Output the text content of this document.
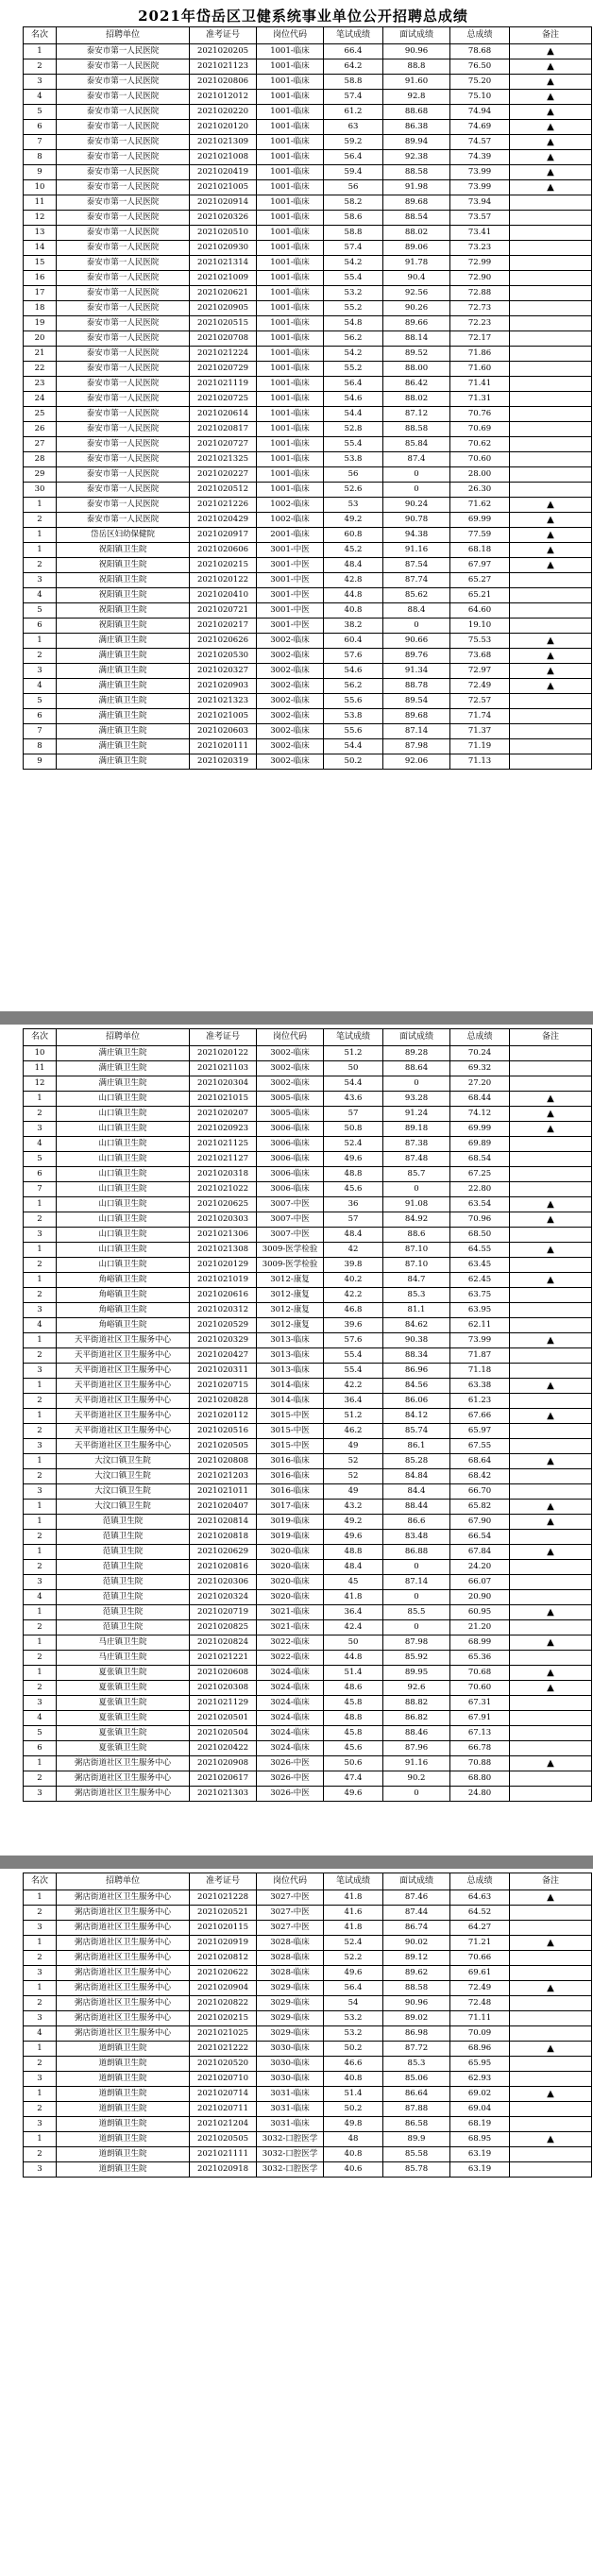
2021年岱岳区卫健系统事业单位公开招聘总成绩
名次	招聘单位	准考证号	岗位代码	笔试成绩	面试成绩	总成绩	备注
1	泰安市第一人民医院	2021020205	1001-临床	66.4	90.96	78.68	▲
2	泰安市第一人民医院	2021021123	1001-临床	64.2	88.8	76.50	▲
3	泰安市第一人民医院	2021020806	1001-临床	58.8	91.60	75.20	▲
4	泰安市第一人民医院	2021012012	1001-临床	57.4	92.8	75.10	▲
5	泰安市第一人民医院	2021020220	1001-临床	61.2	88.68	74.94	▲
6	泰安市第一人民医院	2021020120	1001-临床	63	86.38	74.69	▲
7	泰安市第一人民医院	2021021309	1001-临床	59.2	89.94	74.57	▲
8	泰安市第一人民医院	2021021008	1001-临床	56.4	92.38	74.39	▲
9	泰安市第一人民医院	2021020419	1001-临床	59.4	88.58	73.99	▲
10	泰安市第一人民医院	2021021005	1001-临床	56	91.98	73.99	▲
11	泰安市第一人民医院	2021020914	1001-临床	58.2	89.68	73.94	
12	泰安市第一人民医院	2021020326	1001-临床	58.6	88.54	73.57	
13	泰安市第一人民医院	2021020510	1001-临床	58.8	88.02	73.41	
14	泰安市第一人民医院	2021020930	1001-临床	57.4	89.06	73.23	
15	泰安市第一人民医院	2021021314	1001-临床	54.2	91.78	72.99	
16	泰安市第一人民医院	2021021009	1001-临床	55.4	90.4	72.90	
17	泰安市第一人民医院	2021020621	1001-临床	53.2	92.56	72.88	
18	泰安市第一人民医院	2021020905	1001-临床	55.2	90.26	72.73	
19	泰安市第一人民医院	2021020515	1001-临床	54.8	89.66	72.23	
20	泰安市第一人民医院	2021020708	1001-临床	56.2	88.14	72.17	
21	泰安市第一人民医院	2021021224	1001-临床	54.2	89.52	71.86	
22	泰安市第一人民医院	2021020729	1001-临床	55.2	88.00	71.60	
23	泰安市第一人民医院	2021021119	1001-临床	56.4	86.42	71.41	
24	泰安市第一人民医院	2021020725	1001-临床	54.6	88.02	71.31	
25	泰安市第一人民医院	2021020614	1001-临床	54.4	87.12	70.76	
26	泰安市第一人民医院	2021020817	1001-临床	52.8	88.58	70.69	
27	泰安市第一人民医院	2021020727	1001-临床	55.4	85.84	70.62	
28	泰安市第一人民医院	2021021325	1001-临床	53.8	87.4	70.60	
29	泰安市第一人民医院	2021020227	1001-临床	56	0	28.00	
30	泰安市第一人民医院	2021020512	1001-临床	52.6	0	26.30	
1	泰安市第一人民医院	2021021226	1002-临床	53	90.24	71.62	▲
2	泰安市第一人民医院	2021020429	1002-临床	49.2	90.78	69.99	▲
1	岱岳区妇幼保健院	2021020917	2001-临床	60.8	94.38	77.59	▲
1	祝阳镇卫生院	2021020606	3001-中医	45.2	91.16	68.18	▲
2	祝阳镇卫生院	2021020215	3001-中医	48.4	87.54	67.97	▲
3	祝阳镇卫生院	2021020122	3001-中医	42.8	87.74	65.27	
4	祝阳镇卫生院	2021020410	3001-中医	44.8	85.62	65.21	
5	祝阳镇卫生院	2021020721	3001-中医	40.8	88.4	64.60	
6	祝阳镇卫生院	2021020217	3001-中医	38.2	0	19.10	
1	满庄镇卫生院	2021020626	3002-临床	60.4	90.66	75.53	▲
2	满庄镇卫生院	2021020530	3002-临床	57.6	89.76	73.68	▲
3	满庄镇卫生院	2021020327	3002-临床	54.6	91.34	72.97	▲
4	满庄镇卫生院	2021020903	3002-临床	56.2	88.78	72.49	▲
5	满庄镇卫生院	2021021323	3002-临床	55.6	89.54	72.57	
6	满庄镇卫生院	2021021005	3002-临床	53.8	89.68	71.74	
7	满庄镇卫生院	2021020603	3002-临床	55.6	87.14	71.37	
8	满庄镇卫生院	2021020111	3002-临床	54.4	87.98	71.19	
9	满庄镇卫生院	2021020319	3002-临床	50.2	92.06	71.13	
名次	招聘单位	准考证号	岗位代码	笔试成绩	面试成绩	总成绩	备注
10	满庄镇卫生院	2021020122	3002-临床	51.2	89.28	70.24	
11	满庄镇卫生院	2021021103	3002-临床	50	88.64	69.32	
12	满庄镇卫生院	2021020304	3002-临床	54.4	0	27.20	
1	山口镇卫生院	2021021015	3005-临床	43.6	93.28	68.44	▲
2	山口镇卫生院	2021020207	3005-临床	57	91.24	74.12	▲
3	山口镇卫生院	2021020923	3006-临床	50.8	89.18	69.99	▲
4	山口镇卫生院	2021021125	3006-临床	52.4	87.38	69.89	
5	山口镇卫生院	2021021127	3006-临床	49.6	87.48	68.54	
6	山口镇卫生院	2021020318	3006-临床	48.8	85.7	67.25	
7	山口镇卫生院	2021021022	3006-临床	45.6	0	22.80	
1	山口镇卫生院	2021020625	3007-中医	36	91.08	63.54	▲
2	山口镇卫生院	2021020303	3007-中医	57	84.92	70.96	▲
3	山口镇卫生院	2021021306	3007-中医	48.4	88.6	68.50	
1	山口镇卫生院	2021021308	3009-医学检验	42	87.10	64.55	▲
2	山口镇卫生院	2021020129	3009-医学检验	39.8	87.10	63.45	
1	角峪镇卫生院	2021021019	3012-康复	40.2	84.7	62.45	▲
2	角峪镇卫生院	2021020616	3012-康复	42.2	85.3	63.75	
3	角峪镇卫生院	2021020312	3012-康复	46.8	81.1	63.95	
4	角峪镇卫生院	2021020529	3012-康复	39.6	84.62	62.11	
1	天平街道社区卫生服务中心	2021020329	3013-临床	57.6	90.38	73.99	▲
2	天平街道社区卫生服务中心	2021020427	3013-临床	55.4	88.34	71.87	
3	天平街道社区卫生服务中心	2021020311	3013-临床	55.4	86.96	71.18	
1	天平街道社区卫生服务中心	2021020715	3014-临床	42.2	84.56	63.38	▲
2	天平街道社区卫生服务中心	2021020828	3014-临床	36.4	86.06	61.23	
1	天平街道社区卫生服务中心	2021020112	3015-中医	51.2	84.12	67.66	▲
2	天平街道社区卫生服务中心	2021020516	3015-中医	46.2	85.74	65.97	
3	天平街道社区卫生服务中心	2021020505	3015-中医	49	86.1	67.55	
1	大汶口镇卫生院	2021020808	3016-临床	52	85.28	68.64	▲
2	大汶口镇卫生院	2021021203	3016-临床	52	84.84	68.42	
3	大汶口镇卫生院	2021021011	3016-临床	49	84.4	66.70	
1	大汶口镇卫生院	2021020407	3017-临床	43.2	88.44	65.82	▲
1	范镇卫生院	2021020814	3019-临床	49.2	86.6	67.90	▲
2	范镇卫生院	2021020818	3019-临床	49.6	83.48	66.54	
1	范镇卫生院	2021020629	3020-临床	48.8	86.88	67.84	▲
2	范镇卫生院	2021020816	3020-临床	48.4	0	24.20	
3	范镇卫生院	2021020306	3020-临床	45	87.14	66.07	
4	范镇卫生院	2021020324	3020-临床	41.8	0	20.90	
1	范镇卫生院	2021020719	3021-临床	36.4	85.5	60.95	▲
2	范镇卫生院	2021020825	3021-临床	42.4	0	21.20	
1	马庄镇卫生院	2021020824	3022-临床	50	87.98	68.99	▲
2	马庄镇卫生院	2021021221	3022-临床	44.8	85.92	65.36	
1	夏张镇卫生院	2021020608	3024-临床	51.4	89.95	70.68	▲
2	夏张镇卫生院	2021020308	3024-临床	48.6	92.6	70.60	▲
3	夏张镇卫生院	2021021129	3024-临床	45.8	88.82	67.31	
4	夏张镇卫生院	2021020501	3024-临床	48.8	86.82	67.91	
5	夏张镇卫生院	2021020504	3024-临床	45.8	88.46	67.13	
6	夏张镇卫生院	2021020422	3024-临床	45.6	87.96	66.78	
1	粥店街道社区卫生服务中心	2021020908	3026-中医	50.6	91.16	70.88	▲
2	粥店街道社区卫生服务中心	2021020617	3026-中医	47.4	90.2	68.80	
3	粥店街道社区卫生服务中心	2021021303	3026-中医	49.6	0	24.80	
名次	招聘单位	准考证号	岗位代码	笔试成绩	面试成绩	总成绩	备注
1	粥店街道社区卫生服务中心	2021021228	3027-中医	41.8	87.46	64.63	▲
2	粥店街道社区卫生服务中心	2021020521	3027-中医	41.6	87.44	64.52	
3	粥店街道社区卫生服务中心	2021020115	3027-中医	41.8	86.74	64.27	
1	粥店街道社区卫生服务中心	2021020919	3028-临床	52.4	90.02	71.21	▲
2	粥店街道社区卫生服务中心	2021020812	3028-临床	52.2	89.12	70.66	
3	粥店街道社区卫生服务中心	2021020622	3028-临床	49.6	89.62	69.61	
1	粥店街道社区卫生服务中心	2021020904	3029-临床	56.4	88.58	72.49	▲
2	粥店街道社区卫生服务中心	2021020822	3029-临床	54	90.96	72.48	
3	粥店街道社区卫生服务中心	2021020215	3029-临床	53.2	89.02	71.11	
4	粥店街道社区卫生服务中心	2021021025	3029-临床	53.2	86.98	70.09	
1	道朗镇卫生院	2021021222	3030-临床	50.2	87.72	68.96	▲
2	道朗镇卫生院	2021020520	3030-临床	46.6	85.3	65.95	
3	道朗镇卫生院	2021020710	3030-临床	40.8	85.06	62.93	
1	道朗镇卫生院	2021020714	3031-临床	51.4	86.64	69.02	▲
2	道朗镇卫生院	2021020711	3031-临床	50.2	87.88	69.04	
3	道朗镇卫生院	2021021204	3031-临床	49.8	86.58	68.19	
1	道朗镇卫生院	2021020505	3032-口腔医学	48	89.9	68.95	▲
2	道朗镇卫生院	2021021111	3032-口腔医学	40.8	85.58	63.19	
3	道朗镇卫生院	2021020918	3032-口腔医学	40.6	85.78	63.19	
